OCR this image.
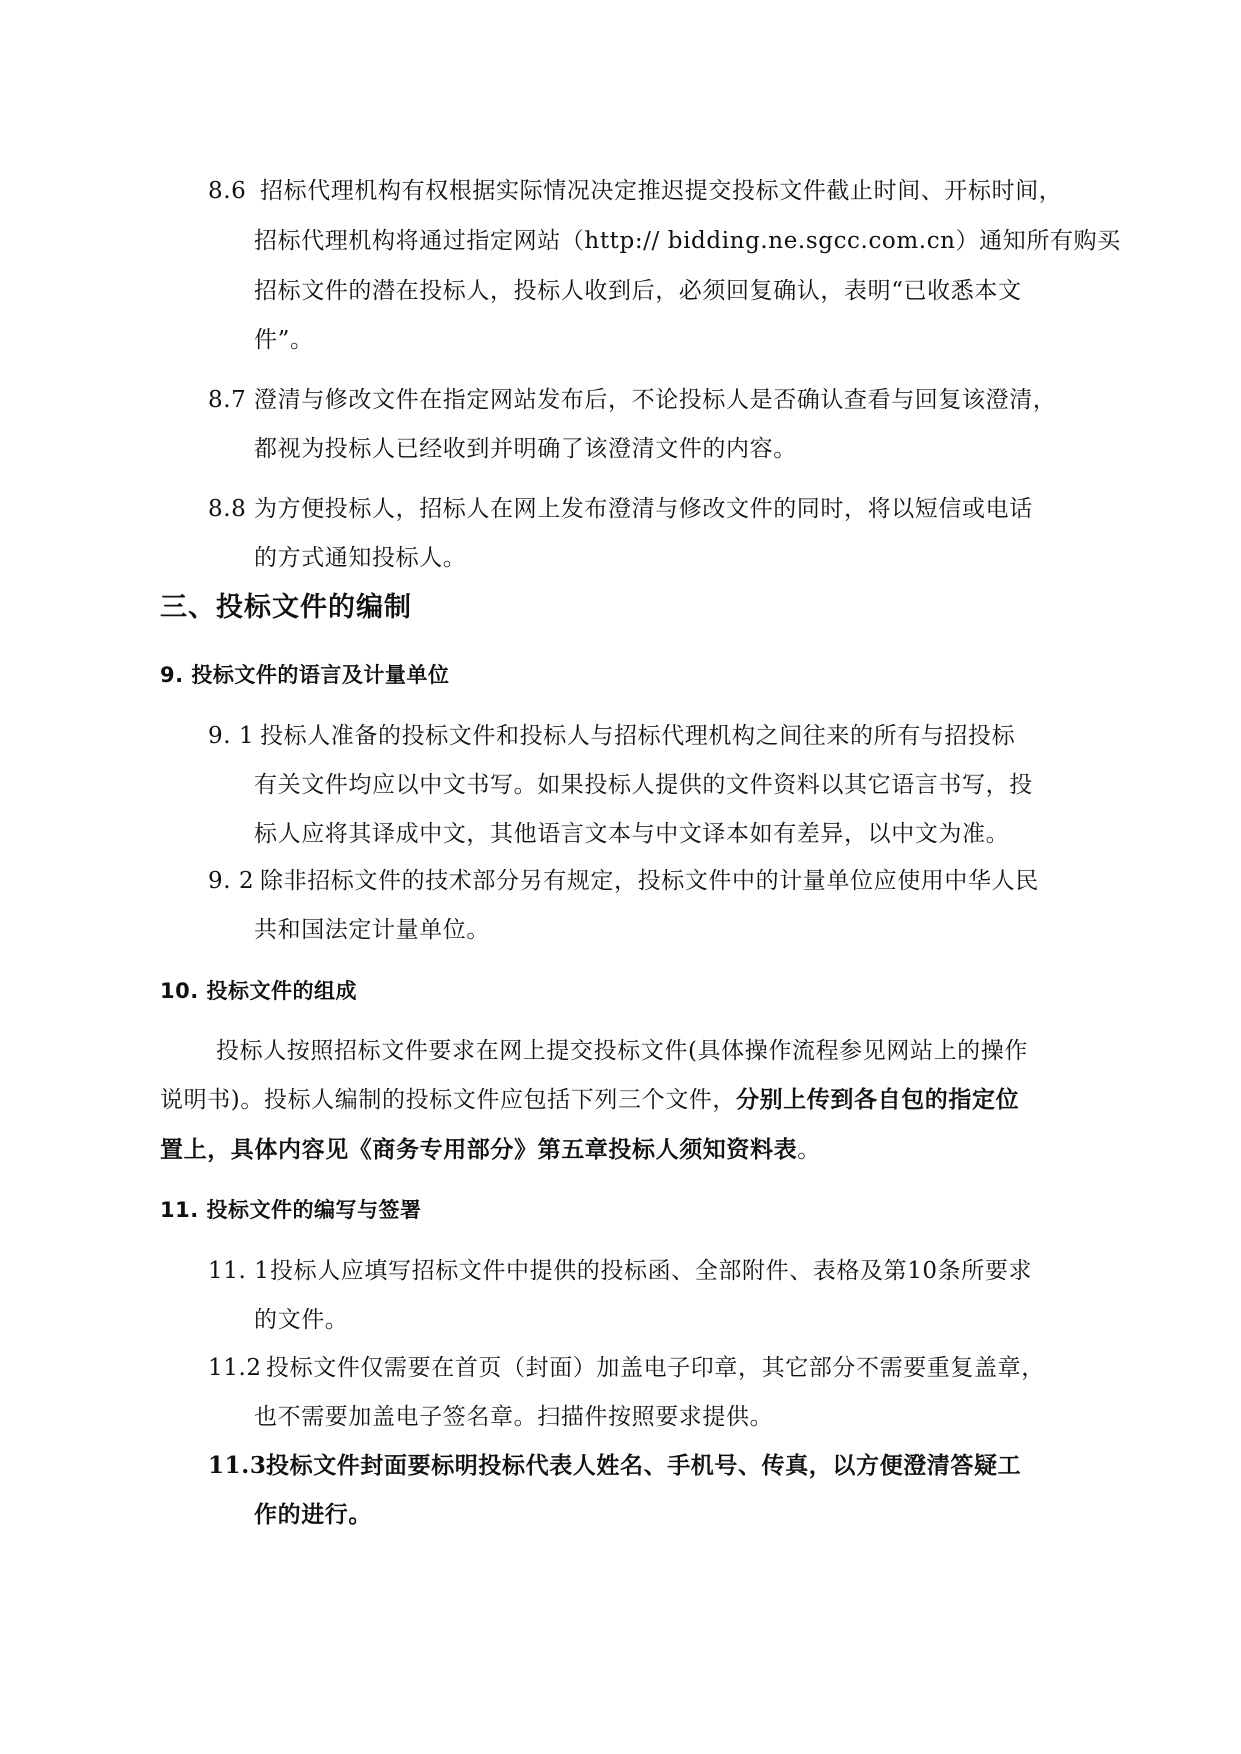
8.6 招标代理机构有权根据实际情况决定推迟提交投标文件截止时间、开标时间，
招标代理机构将通过指定网站（http:// bidding.ne.sgcc.com.cn）通知所有购买
招标文件的潜在投标人，投标人收到后，必须回复确认，表明“已收悉本文
件”。
8.7 澄清与修改文件在指定网站发布后，不论投标人是否确认查看与回复该澄清，
都视为投标人已经收到并明确了该澄清文件的内容。
8.8 为方便投标人，招标人在网上发布澄清与修改文件的同时，将以短信或电话
的方式通知投标人。
三、投标文件的编制
9. 投标文件的语言及计量单位
9. 1 投标人准备的投标文件和投标人与招标代理机构之间往来的所有与招投标
有关文件均应以中文书写。如果投标人提供的文件资料以其它语言书写，投
标人应将其译成中文，其他语言文本与中文译本如有差异，以中文为准。
9. 2 除非招标文件的技术部分另有规定，投标文件中的计量单位应使用中华人民
共和国法定计量单位。
10. 投标文件的组成
投标人按照招标文件要求在网上提交投标文件(具体操作流程参见网站上的操作
说明书)。投标人编制的投标文件应包括下列三个文件，分别上传到各自包的指定位
置上，具体内容见《商务专用部分》第五章投标人须知资料表。
11. 投标文件的编写与签署
11. 1投标人应填写招标文件中提供的投标函、全部附件、表格及第10条所要求
的文件。
11.2 投标文件仅需要在首页（封面）加盖电子印章，其它部分不需要重复盖章，
也不需要加盖电子签名章。扫描件按照要求提供。
11.3投标文件封面要标明投标代表人姓名、手机号、传真，以方便澄清答疑工
作的进行。
